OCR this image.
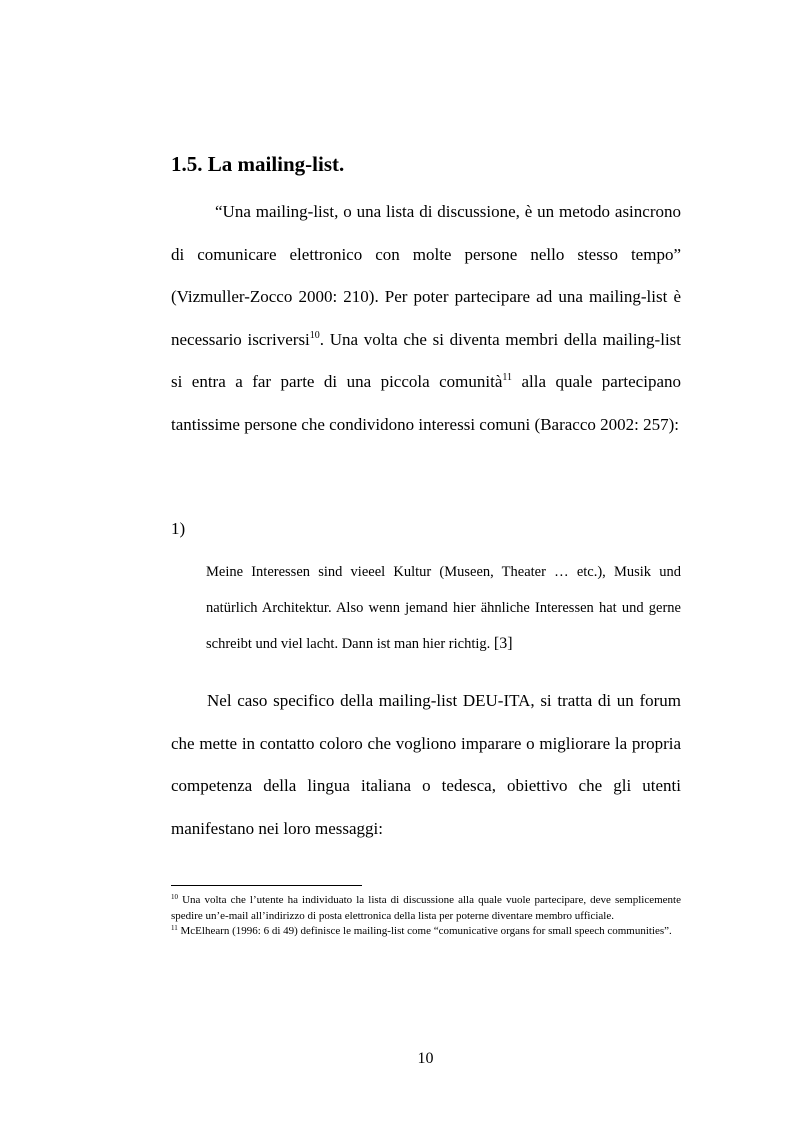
1.5. La mailing-list.

“Una mailing-list, o una lista di discussione, è un metodo asincrono di comunicare elettronico con molte persone nello stesso tempo” (Vizmuller-Zocco 2000: 210). Per poter partecipare ad una mailing-list è necessario iscriversi$^{10}$. Una volta che si diventa membri della mailing-list si entra a far parte di una piccola comunità$^{11}$ alla quale partecipano tantissime persone che condividono interessi comuni (Baracco 2002: 257):

1)

Meine Interessen sind vieeel Kultur (Museen, Theater … etc.), Musik und natürlich Architektur. Also wenn jemand hier ähnliche Interessen hat und gerne schreibt und viel lacht. Dann ist man hier richtig. [3]

Nel caso specifico della mailing-list DEU-ITA, si tratta di un forum che mette in contatto coloro che vogliono imparare o migliorare la propria competenza della lingua italiana o tedesca, obiettivo che gli utenti manifestano nei loro messaggi:

$^{10}$ Una volta che l’utente ha individuato la lista di discussione alla quale vuole partecipare, deve semplicemente spedire un’e-mail all’indirizzo di posta elettronica della lista per poterne diventare membro ufficiale.

$^{11}$ McElhearn (1996: 6 di 49) definisce le mailing-list come “comunicative organs for small speech communities”.

10
